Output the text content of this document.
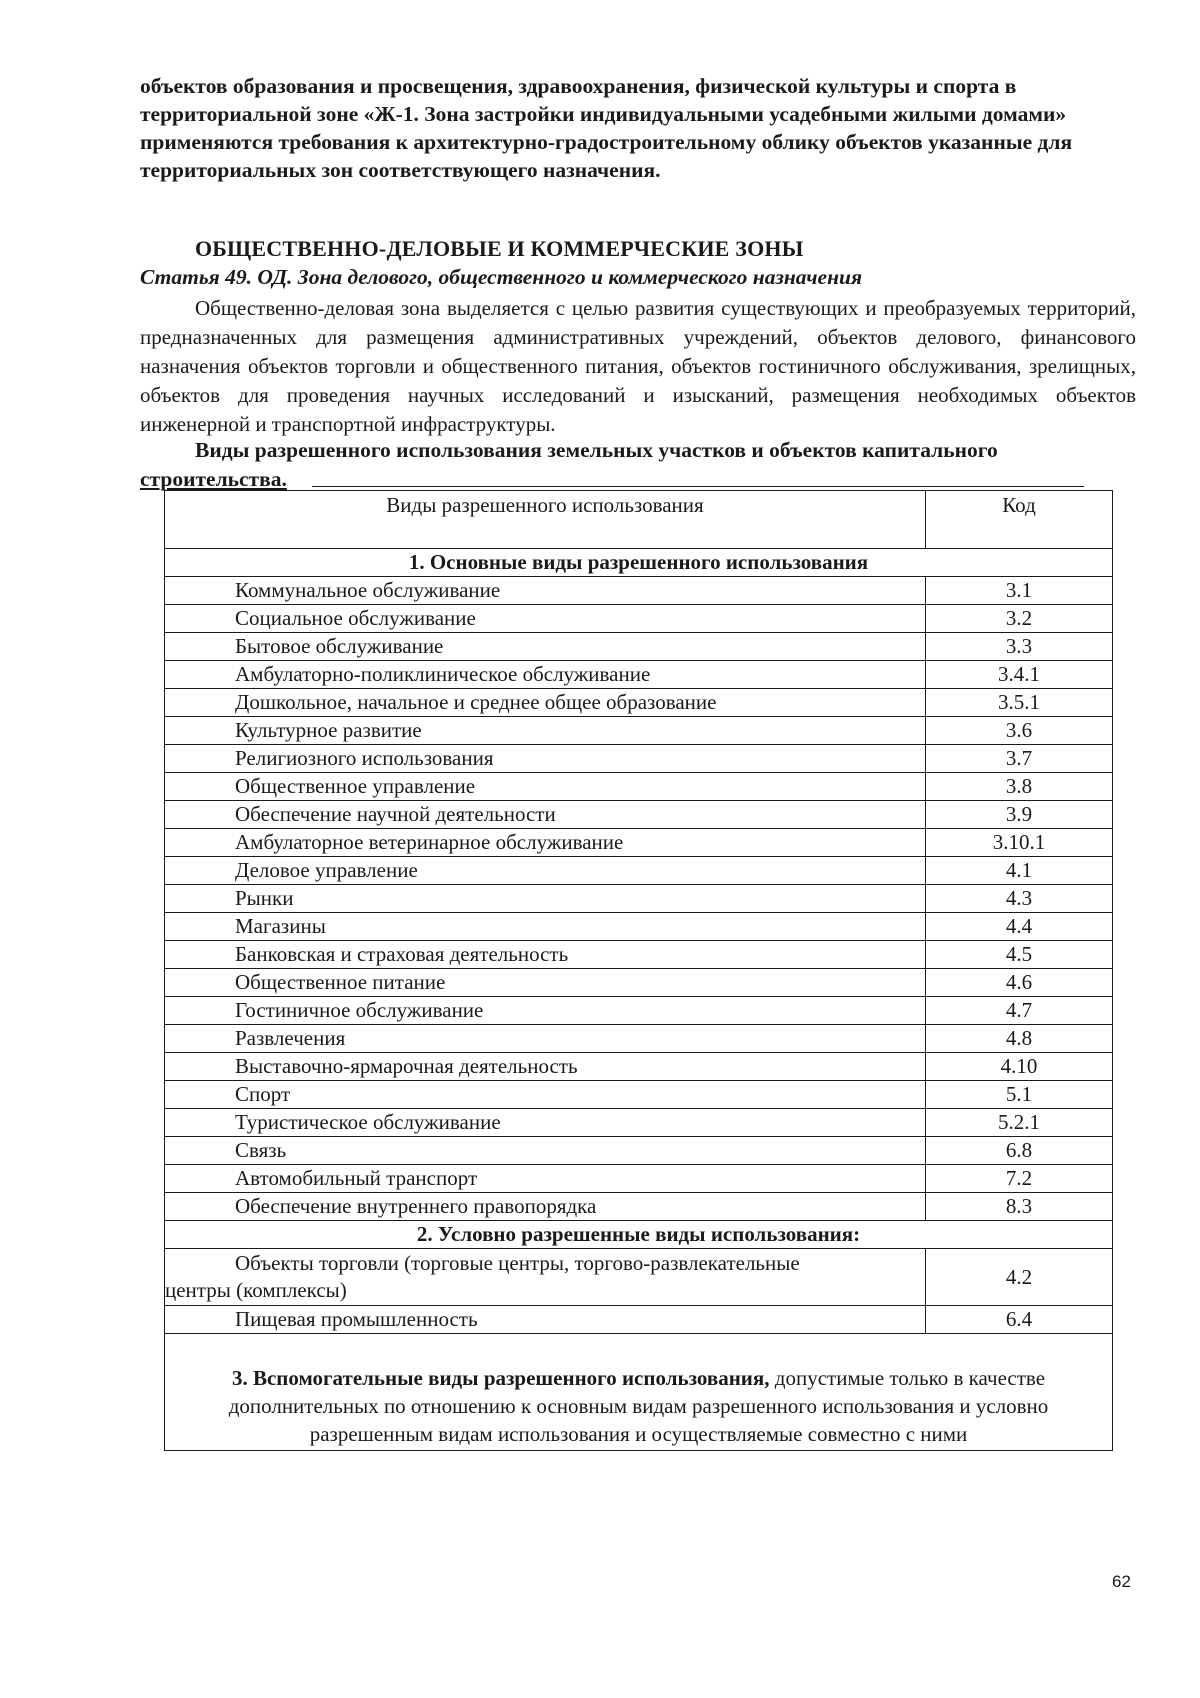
объектов образования и просвещения, здравоохранения, физической культуры и спорта в территориальной зоне «Ж-1. Зона застройки индивидуальными усадебными жилыми домами» применяются требования к архитектурно-градостроительному облику объектов указанные для территориальных зон соответствующего назначения.
ОБЩЕСТВЕННО-ДЕЛОВЫЕ И КОММЕРЧЕСКИЕ ЗОНЫ
Статья 49. ОД. Зона делового, общественного и коммерческого назначения

Общественно-деловая зона выделяется с целью развития существующих и преобразуемых территорий, предназначенных для размещения административных учреждений, объектов делового, финансового назначения объектов торговли и общественного питания, объектов гостиничного обслуживания, зрелищных, объектов для проведения научных исследований и изысканий, размещения необходимых объектов инженерной и транспортной инфраструктуры.

Виды разрешенного использования земельных участков и объектов капитального
строительства.

Виды разрешенного использования	Код
1. Основные виды разрешенного использования	
Коммунальное обслуживание	3.1
Социальное обслуживание	3.2
Бытовое обслуживание	3.3
Амбулаторно-поликлиническое обслуживание	3.4.1
Дошкольное, начальное и среднее общее образование	3.5.1
Культурное развитие	3.6
Религиозного использования	3.7
Общественное управление	3.8
Обеспечение научной деятельности	3.9
Амбулаторное ветеринарное обслуживание	3.10.1
Деловое управление	4.1
Рынки	4.3
Магазины	4.4
Банковская и страховая деятельность	4.5
Общественное питание	4.6
Гостиничное обслуживание	4.7
Развлечения	4.8
Выставочно-ярмарочная деятельность	4.10
Спорт	5.1
Туристическое обслуживание	5.2.1
Связь	6.8
Автомобильный транспорт	7.2
Обеспечение внутреннего правопорядка	8.3
2. Условно разрешенные виды использования:	
Объекты торговли (торговые центры, торгово-развлекательные
центры (комплексы)	4.2
Пищевая промышленность	6.4
3. Вспомогательные виды разрешенного использования, допустимые только в качестве дополнительных по отношению к основным видам разрешенного использования и условно разрешенным видам использования и осуществляемые совместно с ними	
62
